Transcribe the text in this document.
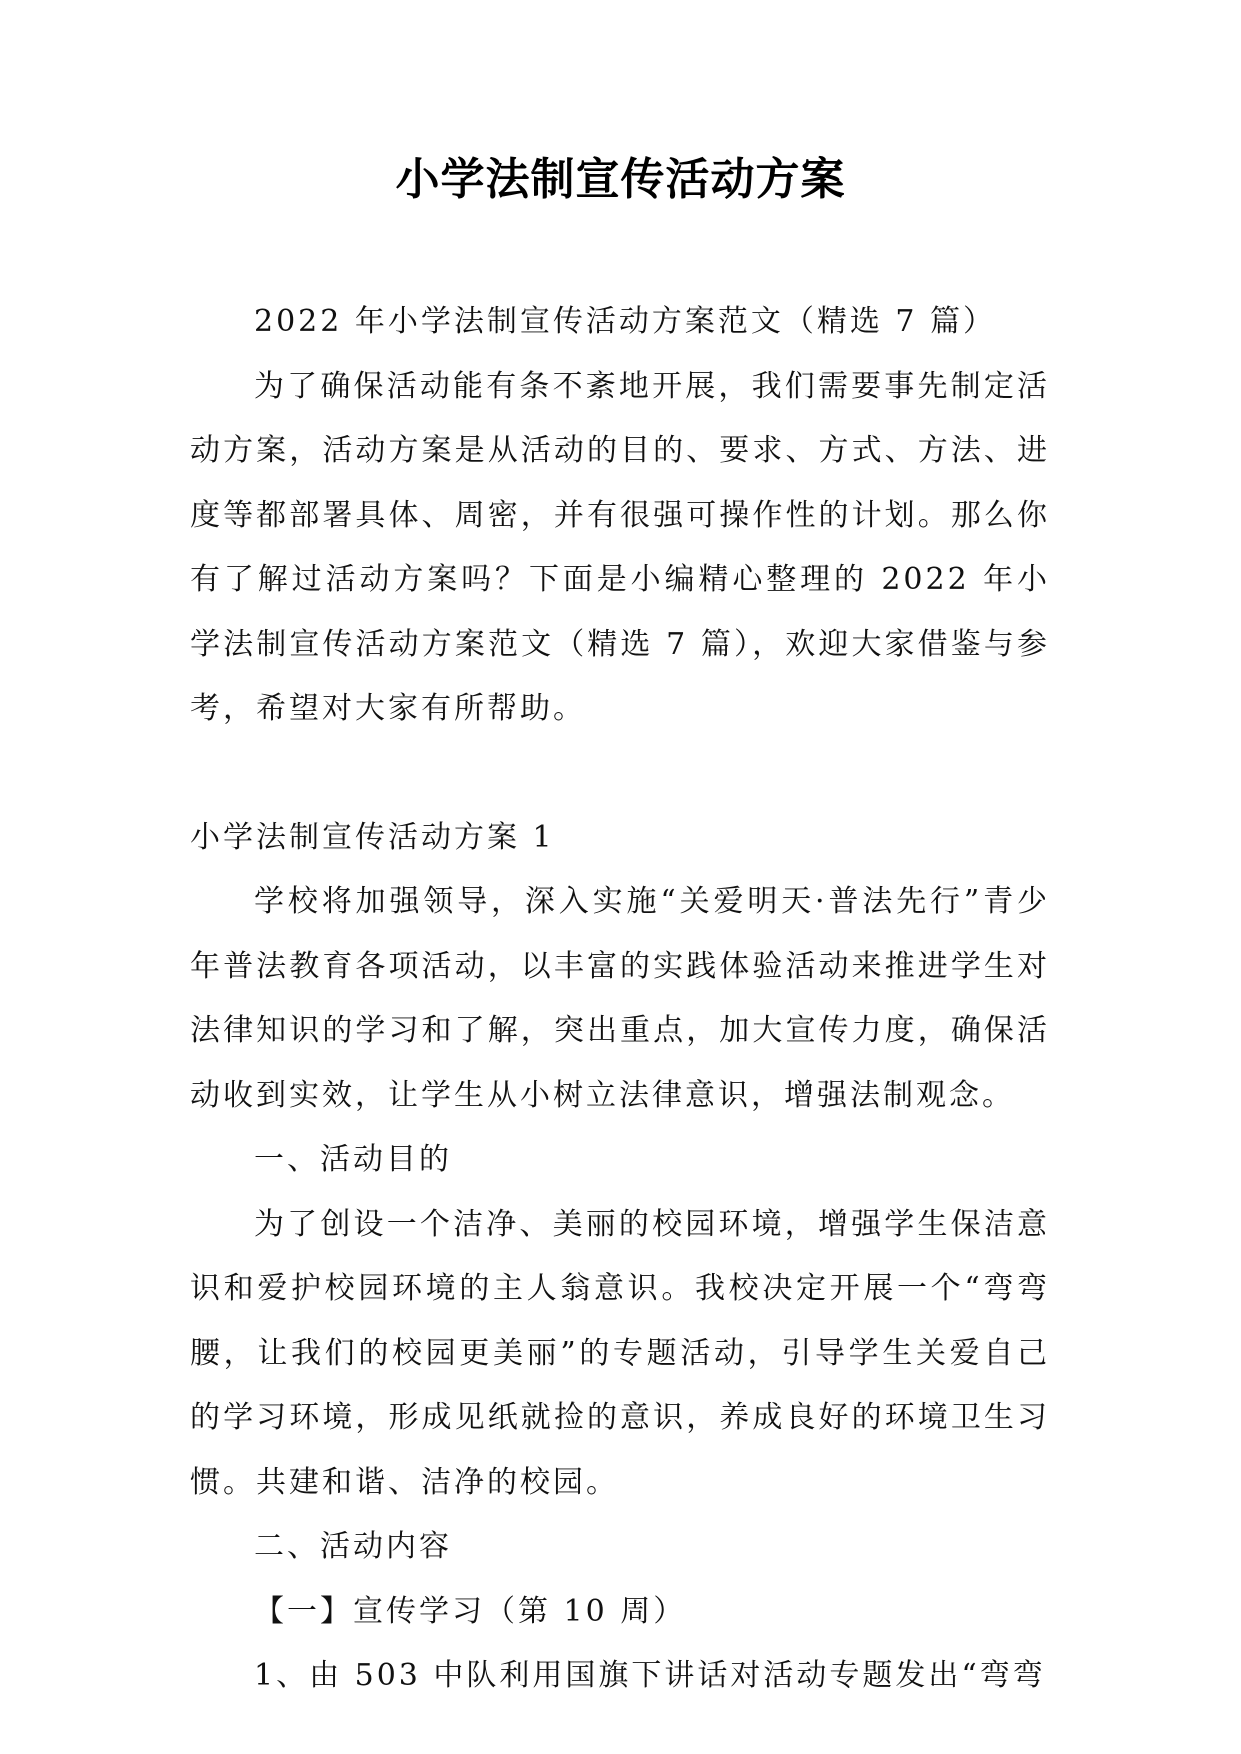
小学法制宣传活动方案

2022 年小学法制宣传活动方案范文（精选 7 篇）

为了确保活动能有条不紊地开展，我们需要事先制定活动方案，活动方案是从活动的目的、要求、方式、方法、进度等都部署具体、周密，并有很强可操作性的计划。那么你有了解过活动方案吗？下面是小编精心整理的 2022 年小学法制宣传活动方案范文（精选 7 篇），欢迎大家借鉴与参考，希望对大家有所帮助。

小学法制宣传活动方案 1

学校将加强领导，深入实施“关爱明天·普法先行”青少年普法教育各项活动，以丰富的实践体验活动来推进学生对法律知识的学习和了解，突出重点，加大宣传力度，确保活动收到实效，让学生从小树立法律意识，增强法制观念。

一、活动目的

为了创设一个洁净、美丽的校园环境，增强学生保洁意识和爱护校园环境的主人翁意识。我校决定开展一个“弯弯腰，让我们的校园更美丽”的专题活动，引导学生关爱自己的学习环境，形成见纸就捡的意识，养成良好的环境卫生习惯。共建和谐、洁净的校园。

二、活动内容

【一】宣传学习（第 10 周）

1、由 503 中队利用国旗下讲话对活动专题发出“弯弯
